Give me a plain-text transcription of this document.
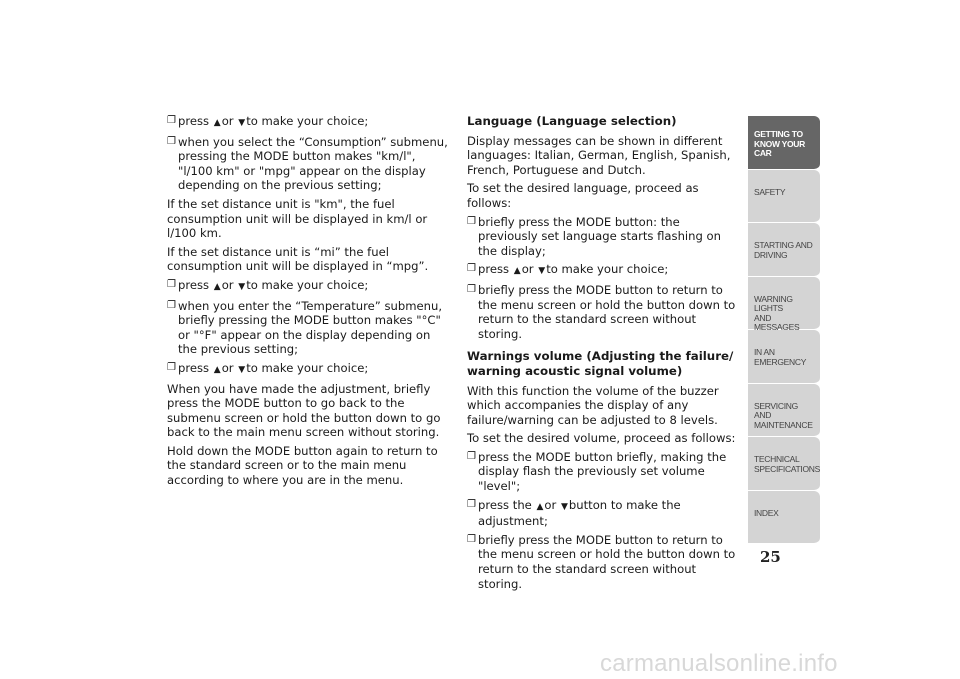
❐ press ▲or ▼to make your choice;
❐ when you select the “Consumption” submenu, pressing the MODE button makes "km/l", "l/100 km" or "mpg" appear on the display depending on the previous setting;

If the set distance unit is "km", the fuel consumption unit will be displayed in km/l or l/100 km.

If the set distance unit is “mi” the fuel consumption unit will be displayed in “mpg”.

❐ press ▲or ▼to make your choice;
❐ when you enter the “Temperature” submenu, briefly pressing the MODE button makes "°C" or "°F" appear on the display depending on the previous setting;
❐ press ▲or ▼to make your choice;

When you have made the adjustment, briefly press the MODE button to go back to the submenu screen or hold the button down to go back to the main menu screen without storing.

Hold down the MODE button again to return to the standard screen or to the main menu according to where you are in the menu.

Language (Language selection)

Display messages can be shown in different languages: Italian, German, English, Spanish, French, Portuguese and Dutch.

To set the desired language, proceed as follows:

❐ briefly press the MODE button: the previously set language starts flashing on the display;
❐ press ▲or ▼to make your choice;
❐ briefly press the MODE button to return to the menu screen or hold the button down to return to the standard screen without storing.
Warnings volume (Adjusting the failure/ warning acoustic signal volume)

With this function the volume of the buzzer which accompanies the display of any failure/warning can be adjusted to 8 levels.

To set the desired volume, proceed as follows:

❐ press the MODE button briefly, making the display flash the previously set volume "level";
❐ press the ▲or ▼button to make the adjustment;
❐ briefly press the MODE button to return to the menu screen or hold the button down to return to the standard screen without storing.
GETTING TO
KNOW YOUR CAR
SAFETY
STARTING AND
DRIVING
WARNING LIGHTS
AND MESSAGES
IN AN EMERGENCY
SERVICING AND
MAINTENANCE
TECHNICAL
SPECIFICATIONS
INDEX
25
carmanualsonline.info
